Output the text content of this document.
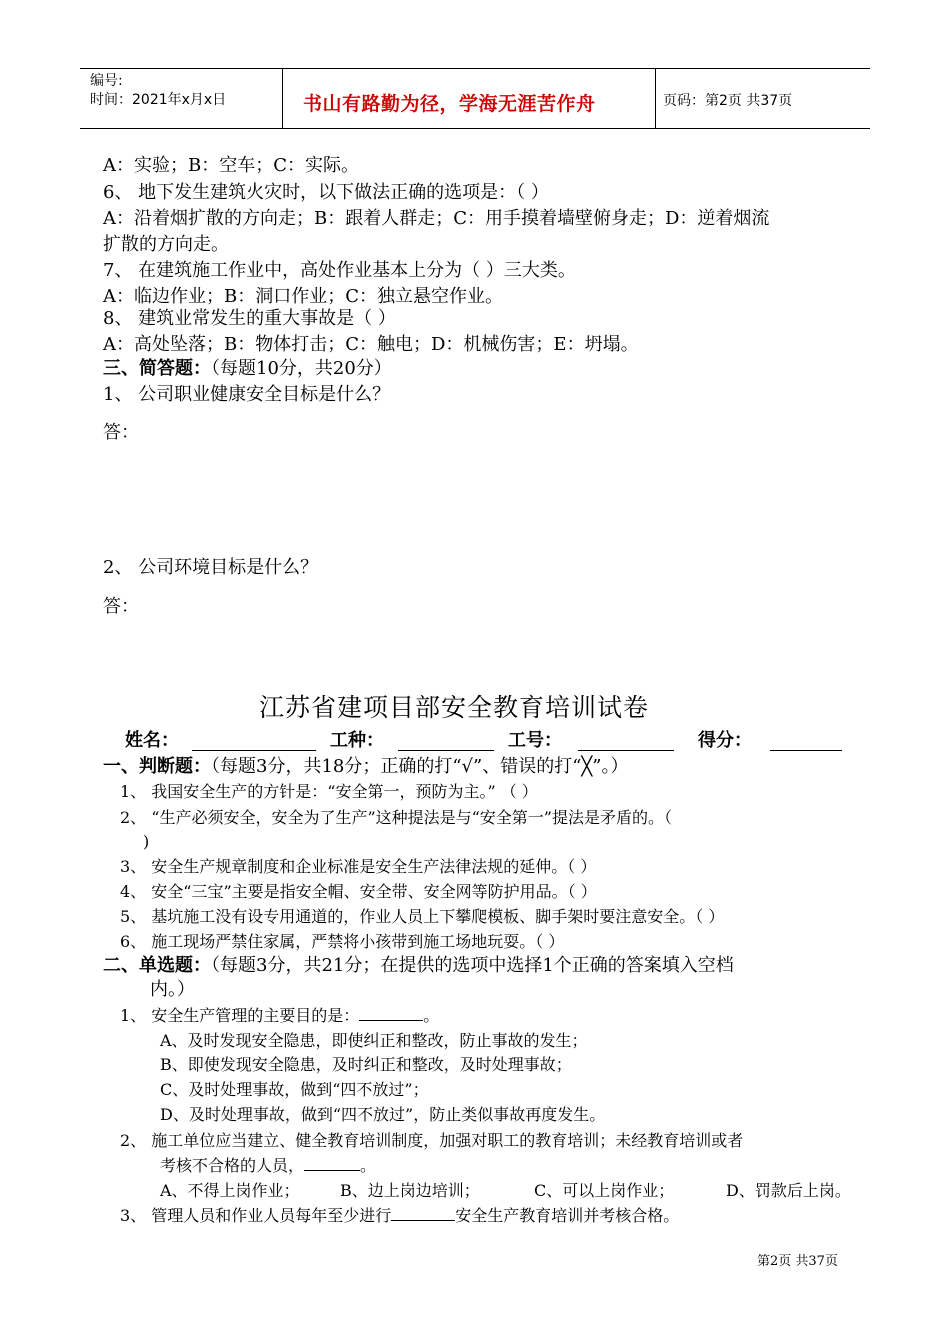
编号:
时间：2021年x月x日	书山有路勤为径，学海无涯苦作舟	页码：第2页 共37页
A：实验；B：空车；C：实际。
6、 地下发生建筑火灾时，以下做法正确的选项是：（ ）
A：沿着烟扩散的方向走；B：跟着人群走；C：用手摸着墙壁俯身走；D：逆着烟流
扩散的方向走。
7、 在建筑施工作业中，高处作业基本上分为（ ）三大类。
A：临边作业；B：洞口作业；C：独立悬空作业。
8、 建筑业常发生的重大事故是（ ）
A：高处坠落；B：物体打击；C：触电；D：机械伤害；E：坍塌。
三、简答题：（每题10分，共20分）
1、 公司职业健康安全目标是什么？
答：
2、 公司环境目标是什么？
答：
江苏省建项目部安全教育培训试卷
姓名：	工种：	工号：	得分：
一、判断题：（每题3分，共18分；正确的打“√”、错误的打“╳”。）
1、 我国安全生产的方针是：“安全第一，预防为主。” （ ）
2、 “生产必须安全，安全为了生产”这种提法是与“安全第一”提法是矛盾的。（
)
3、 安全生产规章制度和企业标准是安全生产法律法规的延伸。（ ）
4、 安全“三宝”主要是指安全帽、安全带、安全网等防护用品。（ ）
5、 基坑施工没有设专用通道的，作业人员上下攀爬模板、脚手架时要注意安全。（ ）
6、 施工现场严禁住家属，严禁将小孩带到施工场地玩耍。（ ）
二、单选题：（每题3分，共21分；在提供的选项中选择1个正确的答案填入空档
内。）
1、 安全生产管理的主要目的是：	。
A、及时发现安全隐患，即使纠正和整改，防止事故的发生；
B、即使发现安全隐患，及时纠正和整改，及时处理事故；
C、及时处理事故，做到“四不放过”；
D、及时处理事故，做到“四不放过”，防止类似事故再度发生。
2、 施工单位应当建立、健全教育培训制度，加强对职工的教育培训；未经教育培训或者
考核不合格的人员，	。
A、不得上岗作业；	B、边上岗边培训；	C、可以上岗作业；	D、罚款后上岗。
3、 管理人员和作业人员每年至少进行	安全生产教育培训并考核合格。
第2页 共37页
